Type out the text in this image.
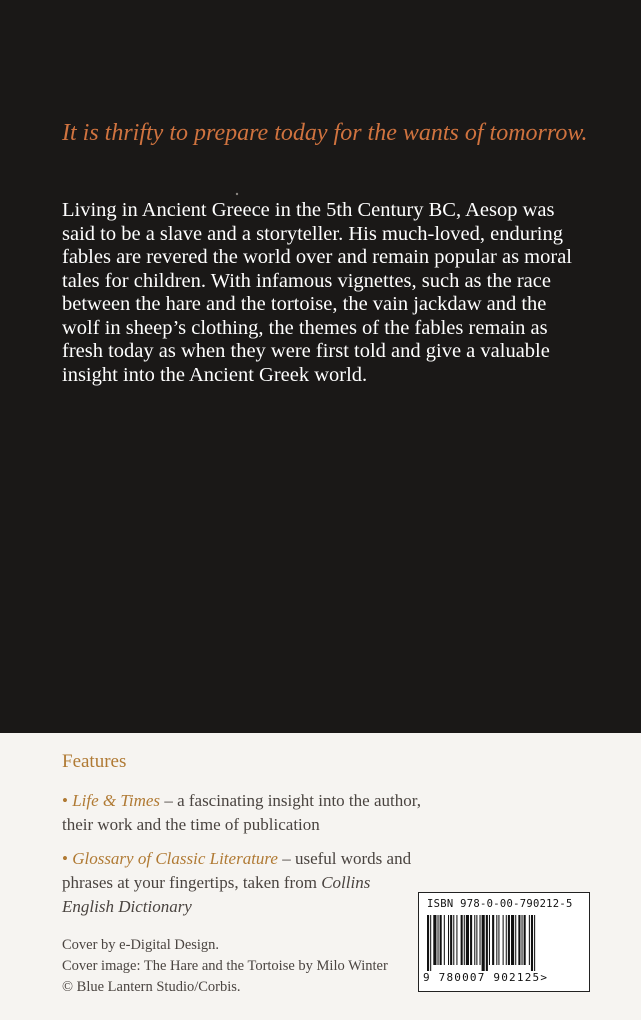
It is thrifty to prepare today for the wants of tomorrow.

Living in Ancient Greece in the 5th Century BC, Aesop was said to be a slave and a storyteller. His much-loved, enduring fables are revered the world over and remain popular as moral tales for children. With infamous vignettes, such as the race between the hare and the tortoise, the vain jackdaw and the wolf in sheep’s clothing, the themes of the fables remain as fresh today as when they were first told and give a valuable insight into the Ancient Greek world.

Features
• Life & Times – a fascinating insight into the author, their work and the time of publication
• Glossary of Classic Literature – useful words and phrases at your fingertips, taken from Collins English Dictionary
Cover by e-Digital Design.
Cover image: The Hare and the Tortoise by Milo Winter © Blue Lantern Studio/Corbis.
ISBN 978-0-00-790212-5
9 780007 902125>
